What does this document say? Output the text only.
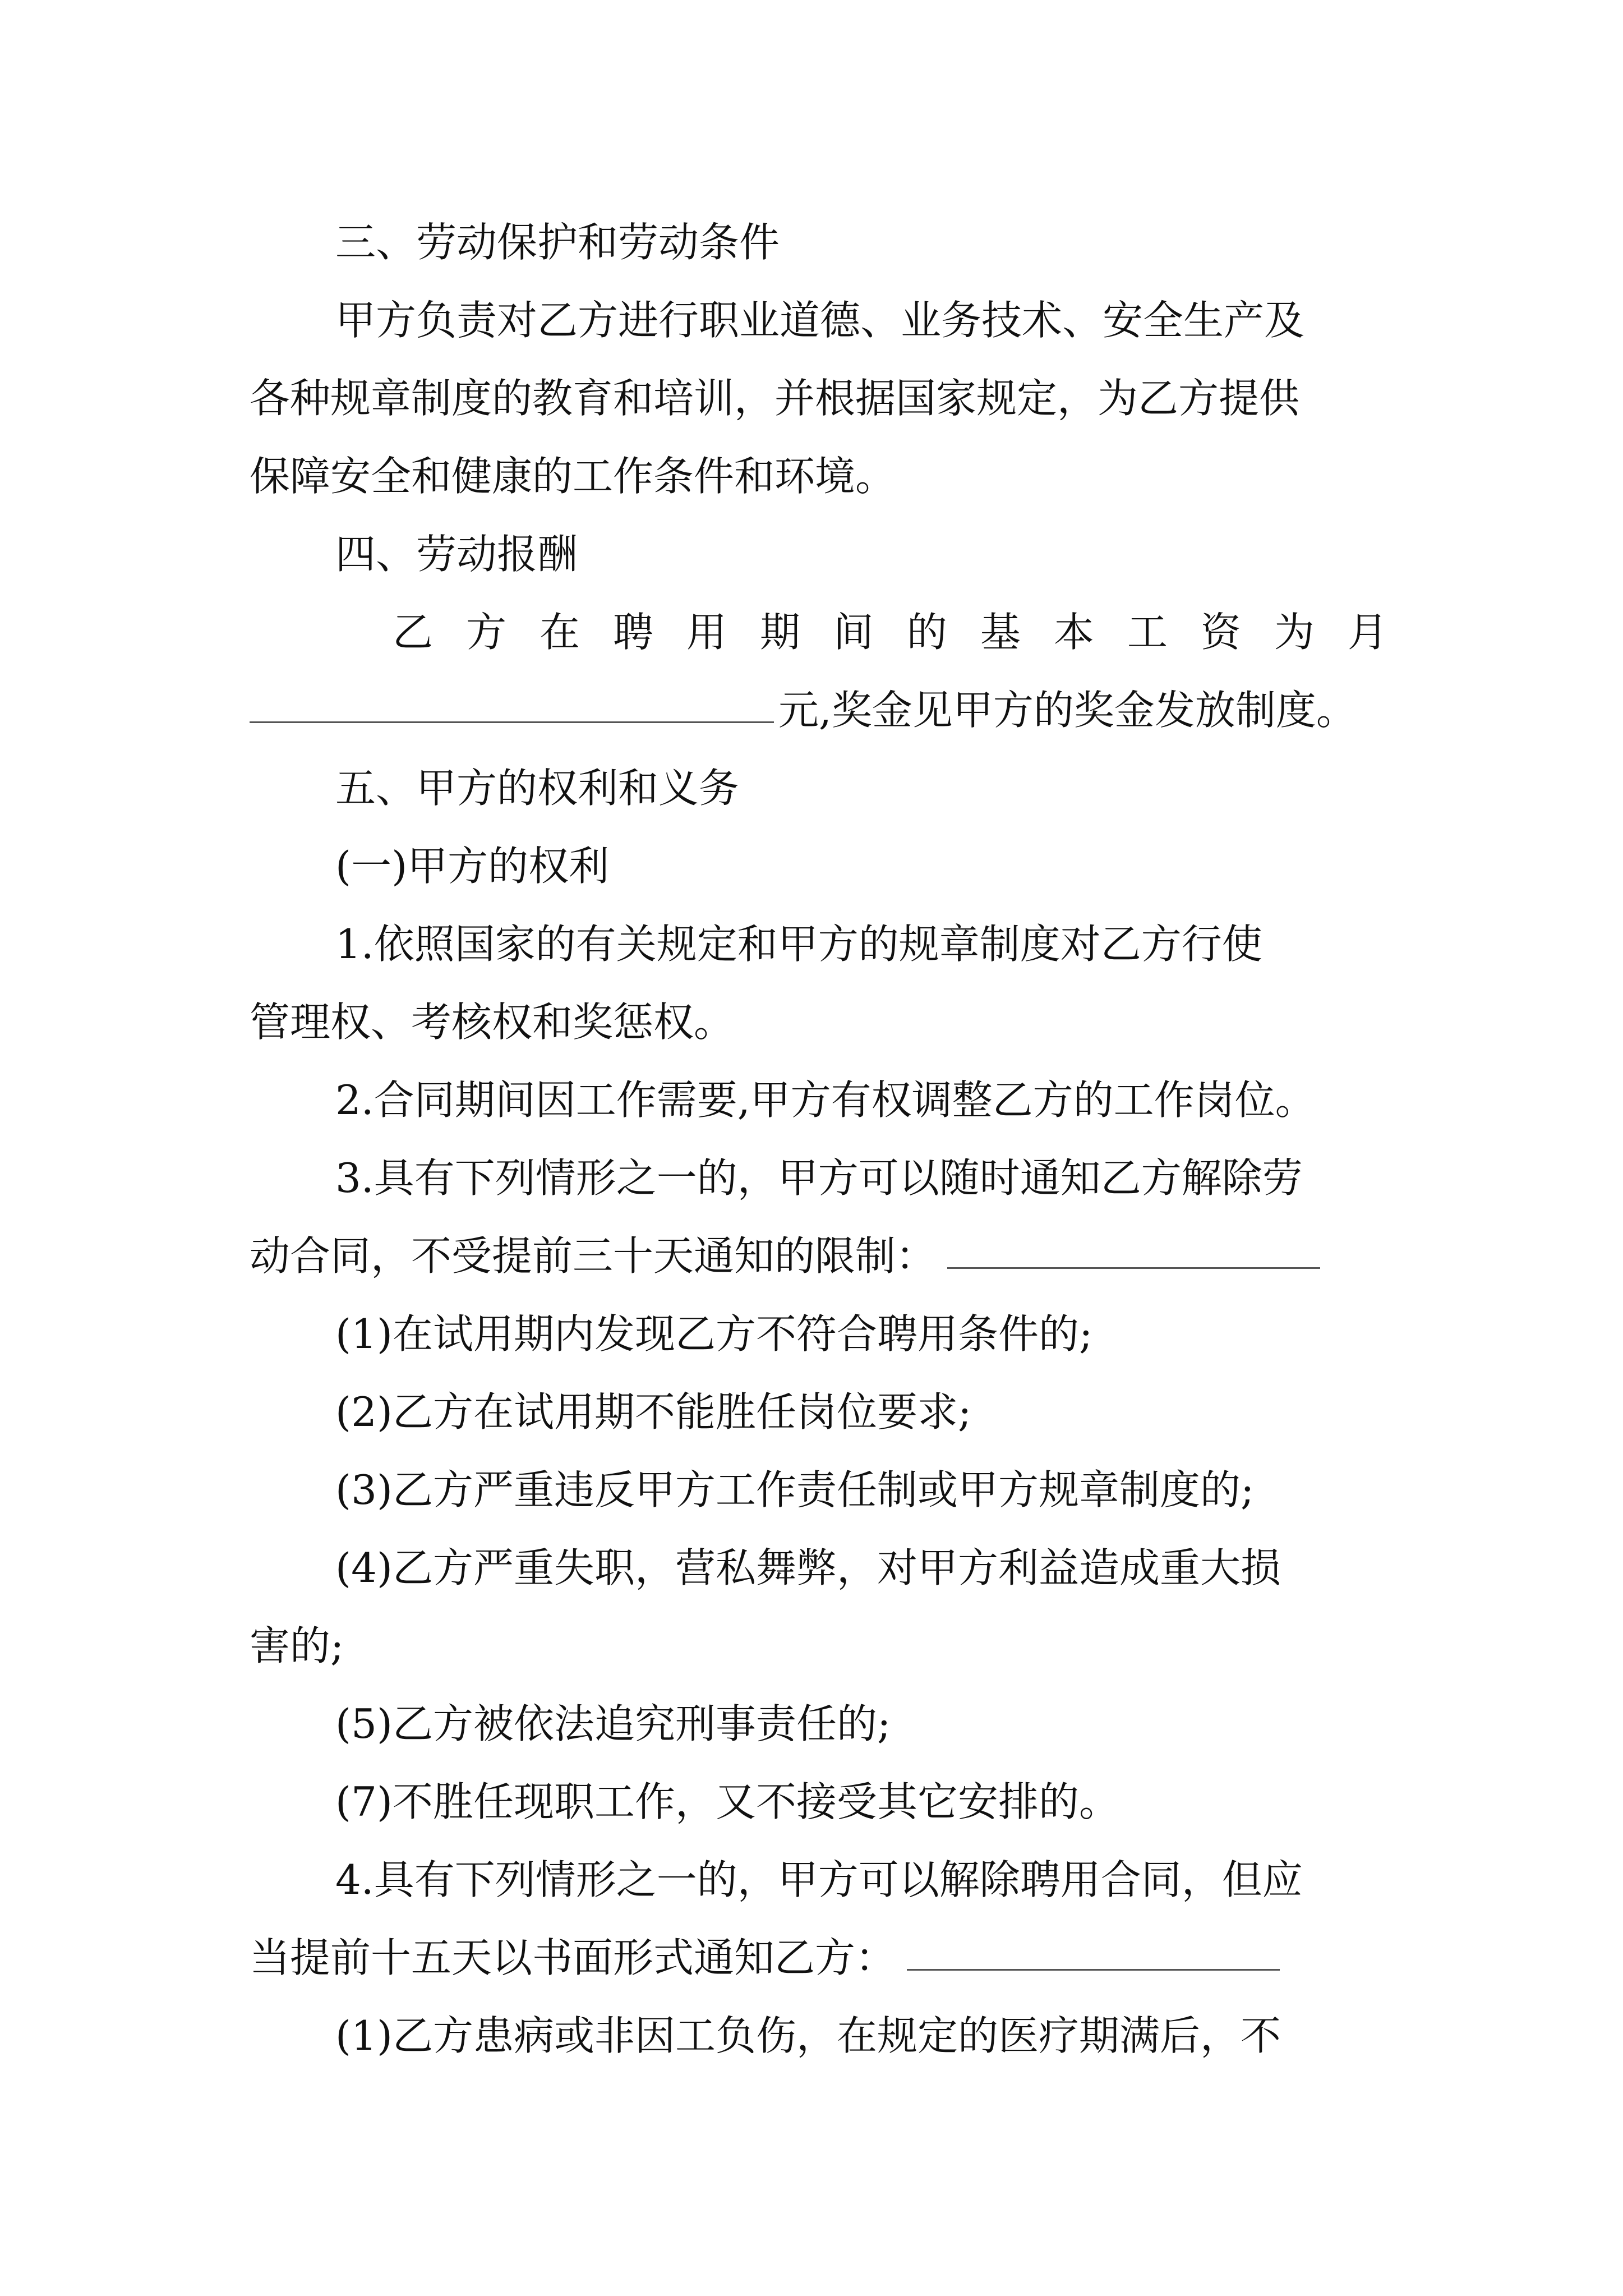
三、劳动保护和劳动条件
甲方负责对乙方进行职业道德、业务技术、安全生产及
各种规章制度的教育和培训，并根据国家规定，为乙方提供
保障安全和健康的工作条件和环境。
四、劳动报酬
乙 方 在 聘 用 期 间 的 基 本 工 资 为 月
元,奖金见甲方的奖金发放制度。
五、甲方的权利和义务
(一)甲方的权利
1.依照国家的有关规定和甲方的规章制度对乙方行使
管理权、考核权和奖惩权。
2.合同期间因工作需要,甲方有权调整乙方的工作岗位。
3.具有下列情形之一的，甲方可以随时通知乙方解除劳
动合同，不受提前三十天通知的限制：
(1)在试用期内发现乙方不符合聘用条件的;
(2)乙方在试用期不能胜任岗位要求;
(3)乙方严重违反甲方工作责任制或甲方规章制度的;
(4)乙方严重失职，营私舞弊，对甲方利益造成重大损
害的;
(5)乙方被依法追究刑事责任的;
(7)不胜任现职工作，又不接受其它安排的。
4.具有下列情形之一的，甲方可以解除聘用合同，但应
当提前十五天以书面形式通知乙方：
(1)乙方患病或非因工负伤，在规定的医疗期满后，不
